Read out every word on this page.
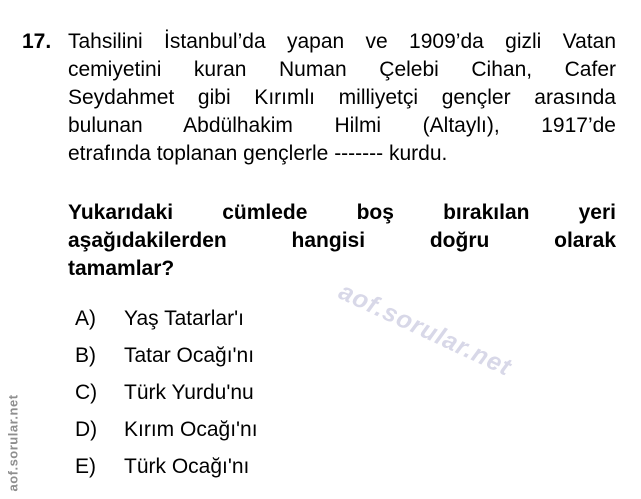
17. Tahsilini İstanbul’da yapan ve 1909’da gizli Vatan
cemiyetini kuran Numan Çelebi Cihan, Cafer
Seydahmet gibi Kırımlı milliyetçi gençler arasında
bulunan Abdülhakim Hilmi (Altaylı), 1917’de
etrafında toplanan gençlerle ------- kurdu.
Yukarıdaki cümlede boş bırakılan yeri
aşağıdakilerden hangisi doğru olarak
tamamlar?
A)	Yaş Tatarlar'ı
B)	Tatar Ocağı'nı
C)	Türk Yurdu'nu
D)	Kırım Ocağı'nı
E)	Türk Ocağı'nı
aof.sorular.net
aof.sorular.net
